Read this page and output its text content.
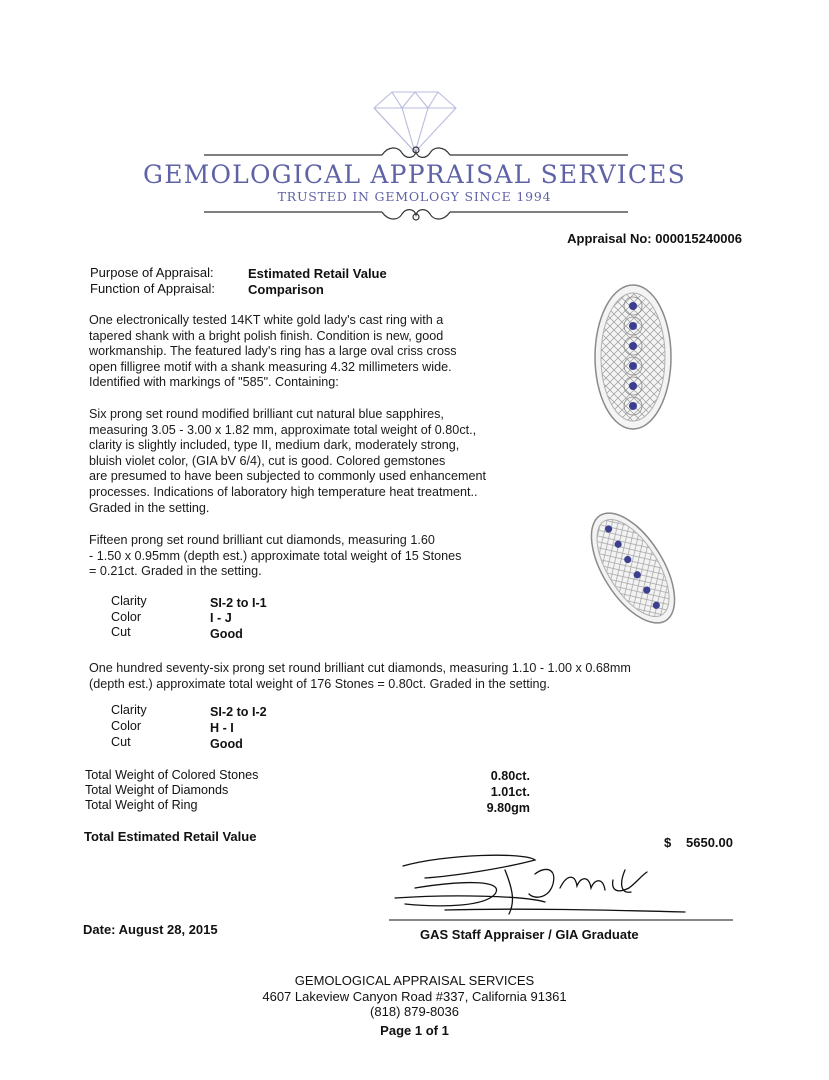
GEMOLOGICAL APPRAISAL SERVICES
TRUSTED IN GEMOLOGY SINCE 1994
Appraisal No: 000015240006
Purpose of Appraisal:	Estimated Retail Value
Function of Appraisal:	Comparison

One electronically tested 14KT white gold lady's cast ring with a

tapered shank with a bright polish finish. Condition is new, good

workmanship. The featured lady's ring has a large oval criss cross

open filligree motif with a shank measuring 4.32 millimeters wide.

Identified with markings of "585". Containing:

Six prong set round modified brilliant cut natural blue sapphires,

measuring 3.05 - 3.00 x 1.82 mm, approximate total weight of 0.80ct.,

clarity is slightly included, type II, medium dark, moderately strong,

bluish violet color, (GIA bV 6/4), cut is good. Colored gemstones

are presumed to have been subjected to commonly used enhancement

processes. Indications of laboratory high temperature heat treatment..

Graded in the setting.

Fifteen prong set round brilliant cut diamonds, measuring 1.60

- 1.50 x 0.95mm (depth est.) approximate total weight of 15 Stones

= 0.21ct. Graded in the setting.

Clarity	SI-2 to I-1
Color	I - J
Cut	Good

One hundred seventy-six prong set round brilliant cut diamonds, measuring 1.10 - 1.00 x 0.68mm

(depth est.) approximate total weight of 176 Stones = 0.80ct. Graded in the setting.

Clarity	SI-2 to I-2
Color	H - I
Cut	Good
Total Weight of Colored Stones	0.80ct.
Total Weight of Diamonds	1.01ct.
Total Weight of Ring	9.80gm
Total Estimated Retail Value	$ 5650.00
Date: August 28, 2015	GAS Staff Appraiser / GIA Graduate
GEMOLOGICAL APPRAISAL SERVICES
4607 Lakeview Canyon Road #337, California 91361
(818) 879-8036
Page 1 of 1
